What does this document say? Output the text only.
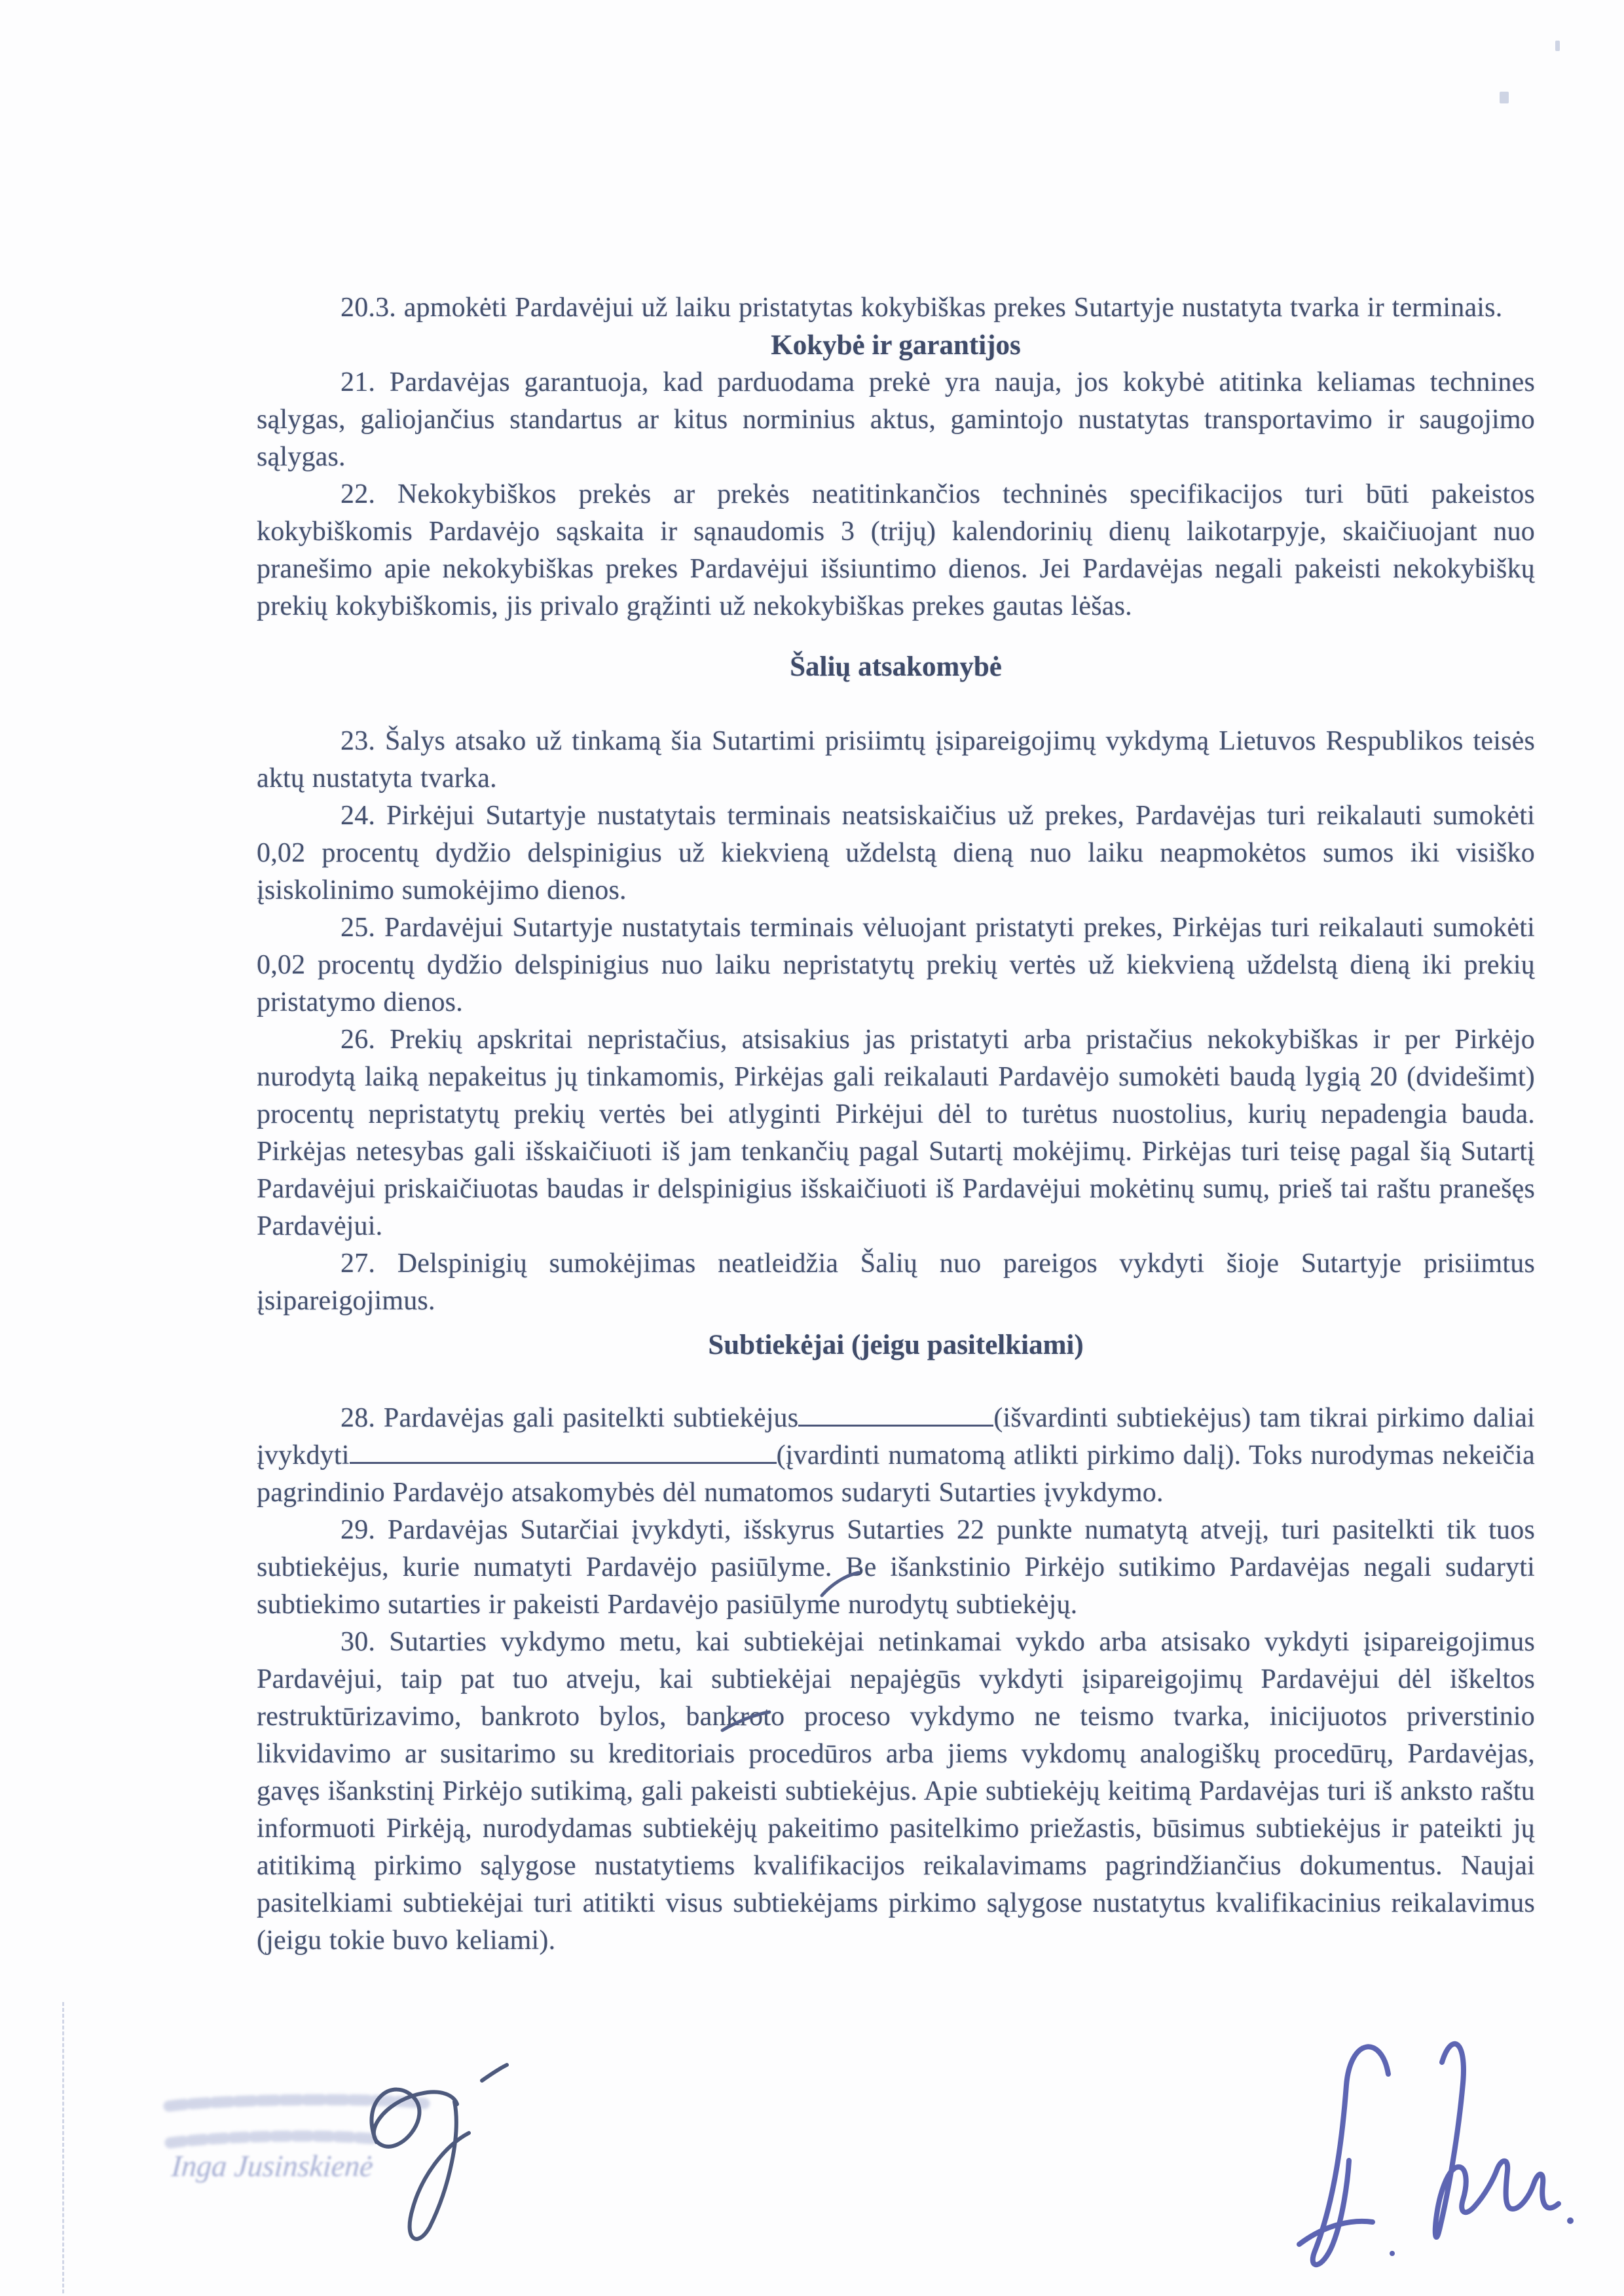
20.3. apmokėti Pardavėjui už laiku pristatytas kokybiškas prekes Sutartyje nustatyta tvarka ir terminais.

Kokybė ir garantijos

21. Pardavėjas garantuoja, kad parduodama prekė yra nauja, jos kokybė atitinka keliamas technines sąlygas, galiojančius standartus ar kitus norminius aktus, gamintojo nustatytas transportavimo ir saugojimo sąlygas.

22. Nekokybiškos prekės ar prekės neatitinkančios techninės specifikacijos turi būti pakeistos kokybiškomis Pardavėjo sąskaita ir sąnaudomis 3 (trijų) kalendorinių dienų laikotarpyje, skaičiuojant nuo pranešimo apie nekokybiškas prekes Pardavėjui išsiuntimo dienos. Jei Pardavėjas negali pakeisti nekokybiškų prekių kokybiškomis, jis privalo grąžinti už nekokybiškas prekes gautas lėšas.

Šalių atsakomybė

23. Šalys atsako už tinkamą šia Sutartimi prisiimtų įsipareigojimų vykdymą Lietuvos Respublikos teisės aktų nustatyta tvarka.

24. Pirkėjui Sutartyje nustatytais terminais neatsiskaičius už prekes, Pardavėjas turi reikalauti sumokėti 0,02 procentų dydžio delspinigius už kiekvieną uždelstą dieną nuo laiku neapmokėtos sumos iki visiško įsiskolinimo sumokėjimo dienos.

25. Pardavėjui Sutartyje nustatytais terminais vėluojant pristatyti prekes, Pirkėjas turi reikalauti sumokėti 0,02 procentų dydžio delspinigius nuo laiku nepristatytų prekių vertės už kiekvieną uždelstą dieną iki prekių pristatymo dienos.

26. Prekių apskritai nepristačius, atsisakius jas pristatyti arba pristačius nekokybiškas ir per Pirkėjo nurodytą laiką nepakeitus jų tinkamomis, Pirkėjas gali reikalauti Pardavėjo sumokėti baudą lygią 20 (dvidešimt) procentų nepristatytų prekių vertės bei atlyginti Pirkėjui dėl to turėtus nuostolius, kurių nepadengia bauda. Pirkėjas netesybas gali išskaičiuoti iš jam tenkančių pagal Sutartį mokėjimų. Pirkėjas turi teisę pagal šią Sutartį Pardavėjui priskaičiuotas baudas ir delspinigius išskaičiuoti iš Pardavėjui mokėtinų sumų, prieš tai raštu pranešęs Pardavėjui.

27. Delspinigių sumokėjimas neatleidžia Šalių nuo pareigos vykdyti šioje Sutartyje prisiimtus įsipareigojimus.

Subtiekėjai (jeigu pasitelkiami)

28. Pardavėjas gali pasitelkti subtiekėjus	(išvardinti subtiekėjus) tam tikrai pirkimo daliai įvykdyti	(įvardinti numatomą atlikti pirkimo dalį). Toks nurodymas nekeičia pagrindinio Pardavėjo atsakomybės dėl numatomos sudaryti Sutarties įvykdymo.

29. Pardavėjas Sutarčiai įvykdyti, išskyrus Sutarties 22 punkte numatytą atvejį, turi pasitelkti tik tuos subtiekėjus, kurie numatyti Pardavėjo pasiūlyme. Be išankstinio Pirkėjo sutikimo Pardavėjas negali sudaryti subtiekimo sutarties ir pakeisti Pardavėjo pasiūlyme nurodytų subtiekėjų.

30. Sutarties vykdymo metu, kai subtiekėjai netinkamai vykdo arba atsisako vykdyti įsipareigojimus Pardavėjui, taip pat tuo atveju, kai subtiekėjai nepajėgūs vykdyti įsipareigojimų Pardavėjui dėl iškeltos restruktūrizavimo, bankroto bylos, bankroto proceso vykdymo ne teismo tvarka, inicijuotos priverstinio likvidavimo ar susitarimo su kreditoriais procedūros arba jiems vykdomų analogiškų procedūrų, Pardavėjas, gavęs išankstinį Pirkėjo sutikimą, gali pakeisti subtiekėjus. Apie subtiekėjų keitimą Pardavėjas turi iš anksto raštu informuoti Pirkėją, nurodydamas subtiekėjų pakeitimo pasitelkimo priežastis, būsimus subtiekėjus ir pateikti jų atitikimą pirkimo sąlygose nustatytiems kvalifikacijos reikalavimams pagrindžiančius dokumentus. Naujai pasitelkiami subtiekėjai turi atitikti visus subtiekėjams pirkimo sąlygose nustatytus kvalifikacinius reikalavimus (jeigu tokie buvo keliami).

Inga Jusinskienė
